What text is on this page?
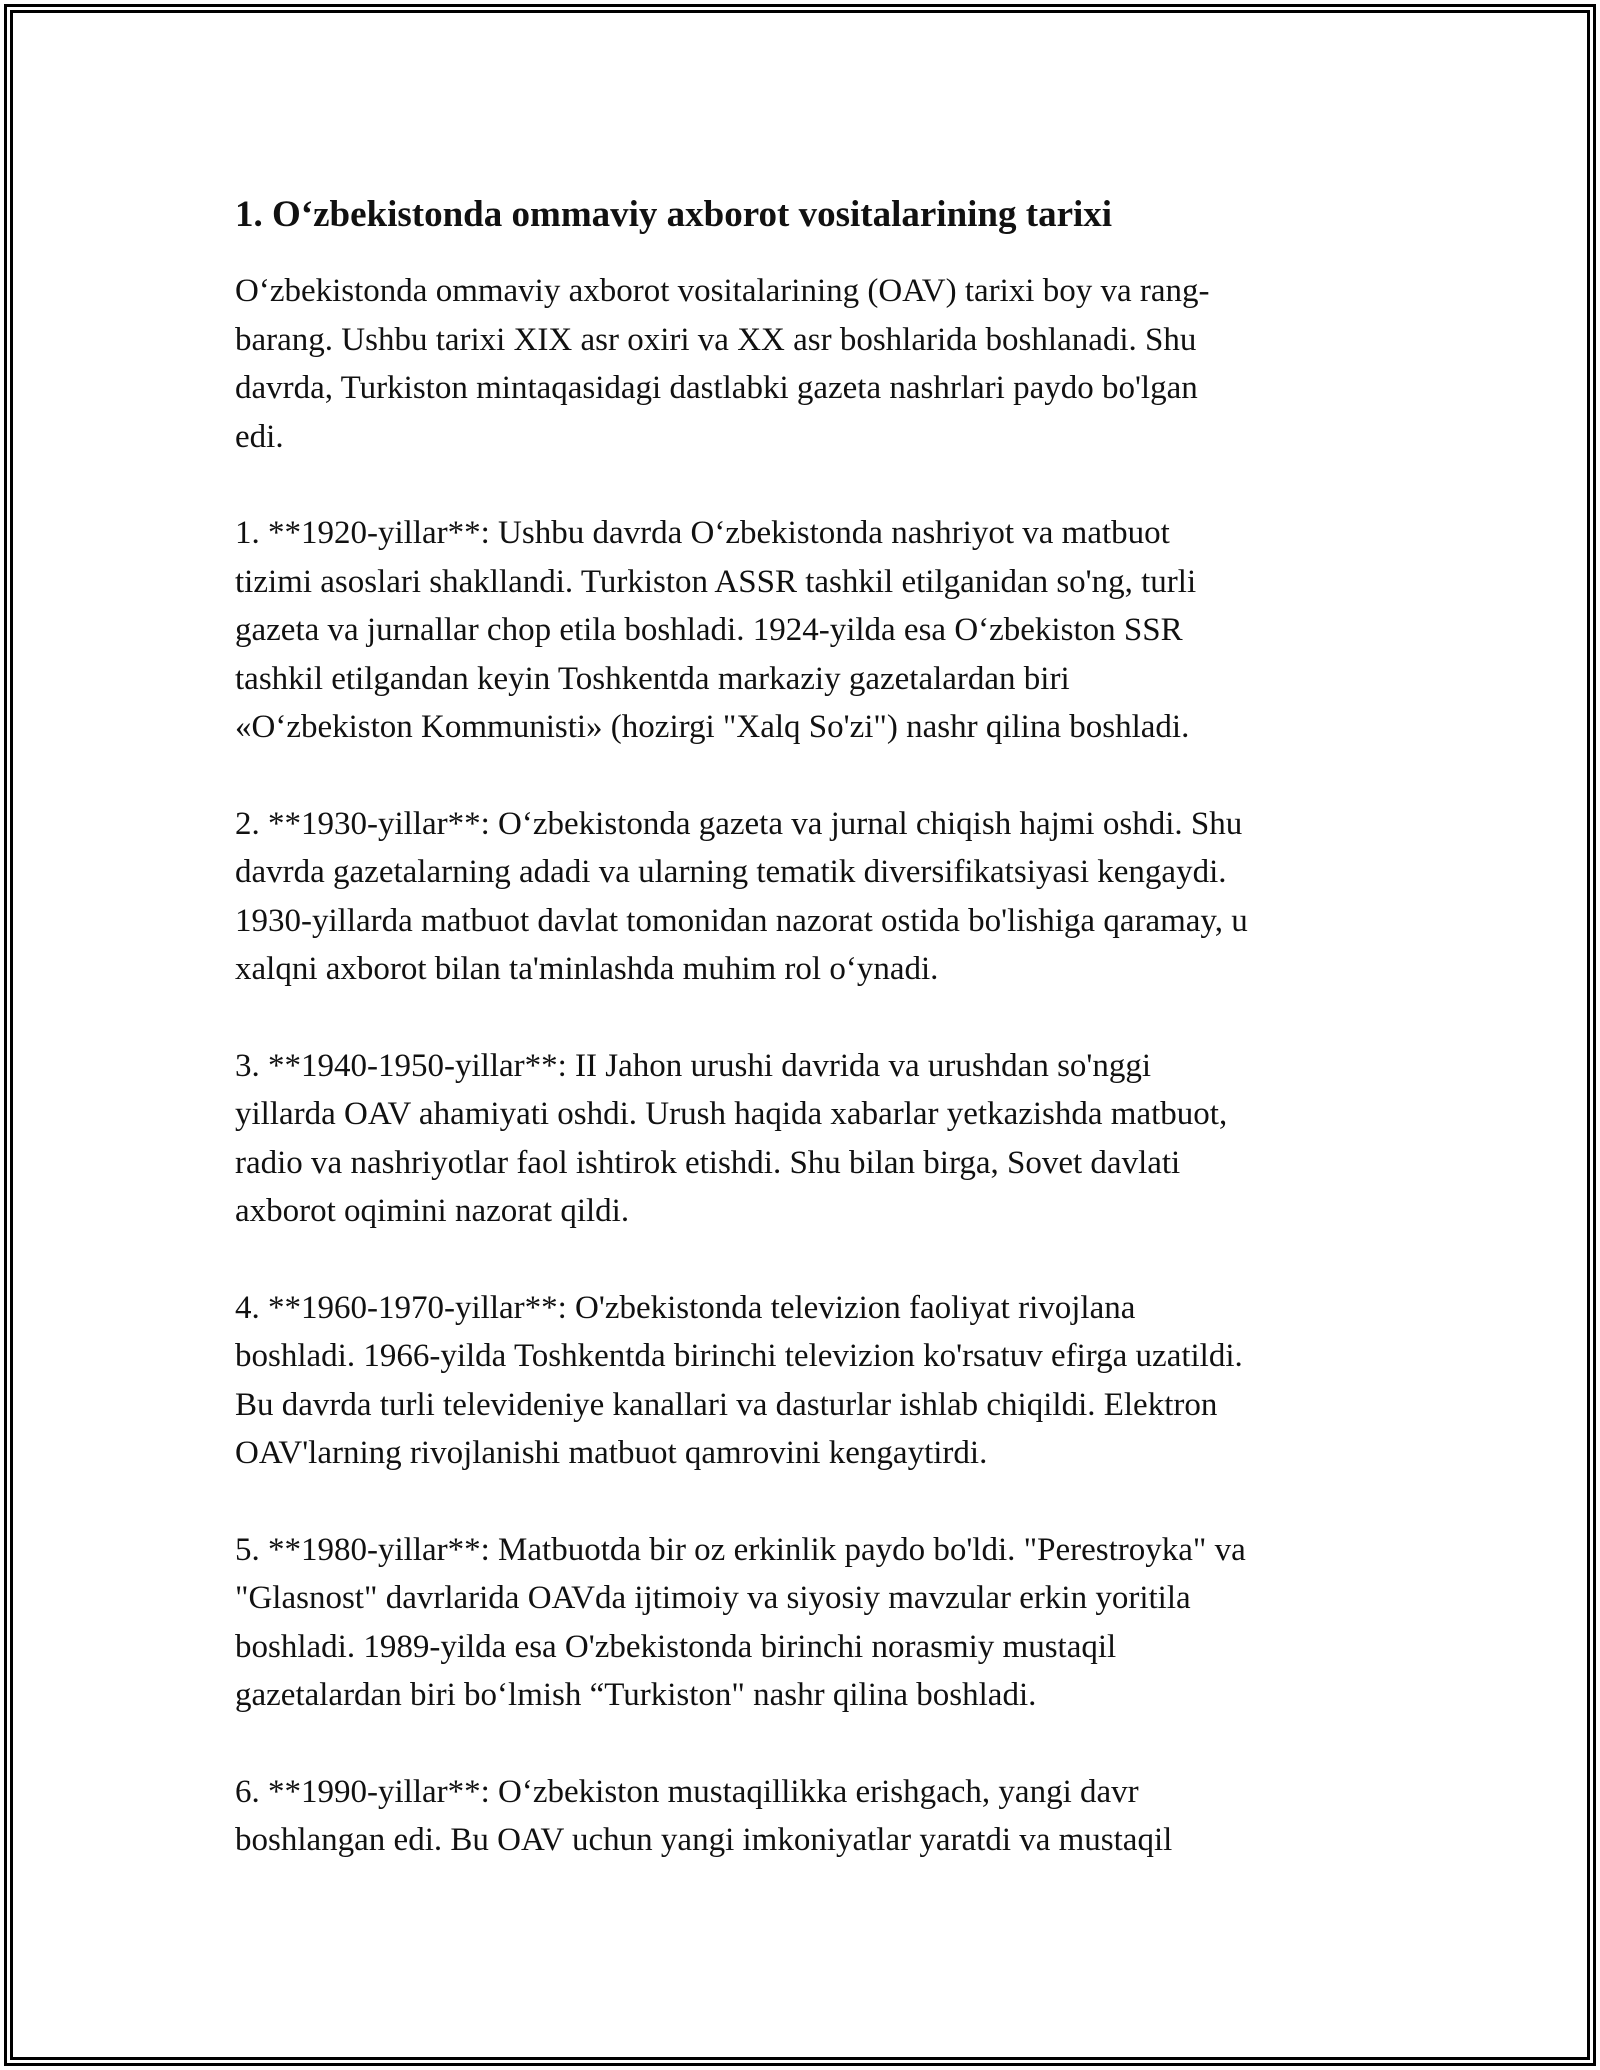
1. O‘zbekistonda ommaviy axborot vositalarining tarixi

O‘zbekistonda ommaviy axborot vositalarining (OAV) tarixi boy va rang-
barang. Ushbu tarixi XIX asr oxiri va XX asr boshlarida boshlanadi. Shu
davrda, Turkiston mintaqasidagi dastlabki gazeta nashrlari paydo bo'lgan
edi.

1. **1920-yillar**: Ushbu davrda O‘zbekistonda nashriyot va matbuot
tizimi asoslari shakllandi. Turkiston ASSR tashkil etilganidan so'ng, turli
gazeta va jurnallar chop etila boshladi. 1924-yilda esa O‘zbekiston SSR
tashkil etilgandan keyin Toshkentda markaziy gazetalardan biri
«O‘zbekiston Kommunisti» (hozirgi "Xalq So'zi") nashr qilina boshladi.

2. **1930-yillar**: O‘zbekistonda gazeta va jurnal chiqish hajmi oshdi. Shu
davrda gazetalarning adadi va ularning tematik diversifikatsiyasi kengaydi.
1930-yillarda matbuot davlat tomonidan nazorat ostida bo'lishiga qaramay, u
xalqni axborot bilan ta'minlashda muhim rol o‘ynadi.

3. **1940-1950-yillar**: II Jahon urushi davrida va urushdan so'nggi
yillarda OAV ahamiyati oshdi. Urush haqida xabarlar yetkazishda matbuot,
radio va nashriyotlar faol ishtirok etishdi. Shu bilan birga, Sovet davlati
axborot oqimini nazorat qildi.

4. **1960-1970-yillar**: O'zbekistonda televizion faoliyat rivojlana
boshladi. 1966-yilda Toshkentda birinchi televizion ko'rsatuv efirga uzatildi.
Bu davrda turli televideniye kanallari va dasturlar ishlab chiqildi. Elektron
OAV'larning rivojlanishi matbuot qamrovini kengaytirdi.

5. **1980-yillar**: Matbuotda bir oz erkinlik paydo bo'ldi. "Perestroyka" va
"Glasnost" davrlarida OAVda ijtimoiy va siyosiy mavzular erkin yoritila
boshladi. 1989-yilda esa O'zbekistonda birinchi norasmiy mustaqil
gazetalardan biri bo‘lmish “Turkiston" nashr qilina boshladi.

6. **1990-yillar**: O‘zbekiston mustaqillikka erishgach, yangi davr
boshlangan edi. Bu OAV uchun yangi imkoniyatlar yaratdi va mustaqil
